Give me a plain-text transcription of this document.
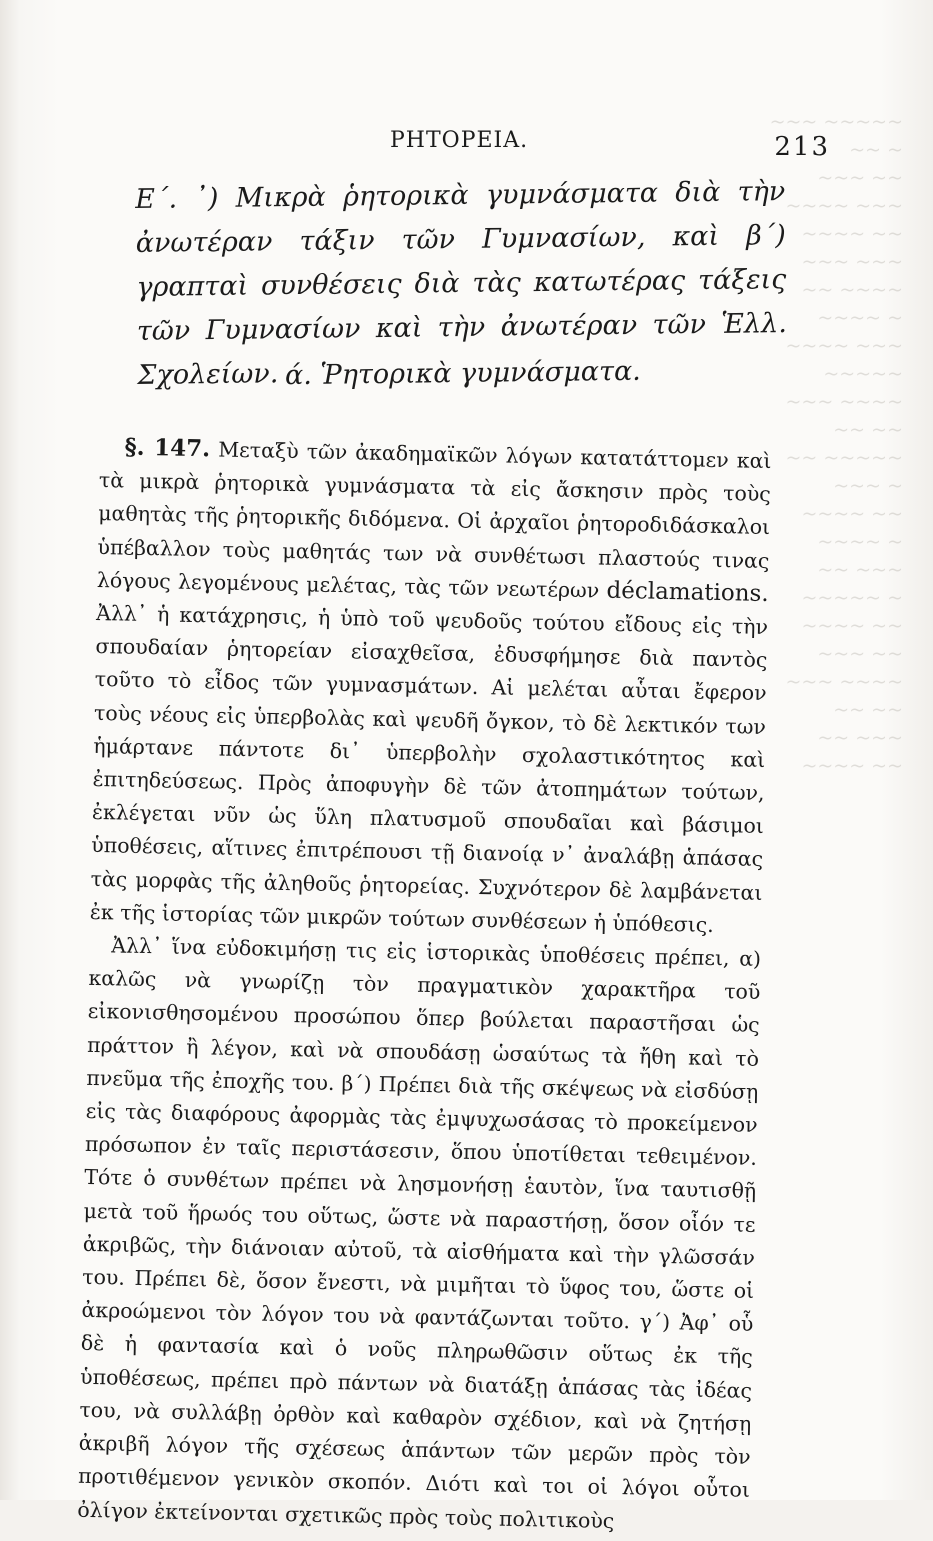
~~~ ~~~~~ ~~ ~
~~~ ~~ ~~~~ ~~~
~~~~ ~~ ~~~ ~~~
~~ ~~~~ ~~~~ ~
~~~~ ~~~ ~~~~~
~~~ ~~~~ ~~ ~~
~~ ~~~~~ ~~~ ~
~~~~ ~~ ~~~~ ~
~~ ~~~ ~~~~~ ~
~~~~ ~~ ~~~ ~~
~~~ ~~~~ ~~ ~~
~~ ~~~ ~~~~ ~~
ΡΗΤΟΡΕΙΑ.	213
Ε΄. ᾿) Μικρὰ ῥητορικὰ γυμνάσματα διὰ τὴν ἀνωτέραν τάξιν τῶν Γυμνασίων, καὶ β΄) γραπταὶ συνθέσεις διὰ τὰς κατωτέρας τάξεις τῶν Γυμνασίων καὶ τὴν ἀνωτέραν τῶν Ἑλλ. Σχολείων. ά. Ῥητορικὰ γυμνάσματα.

§. 147. Μεταξὺ τῶν ἀκαδημαϊκῶν λόγων κατατάττομεν καὶ τὰ μικρὰ ῥητορικὰ γυμνάσματα τὰ εἰς ἄσκησιν πρὸς τοὺς μαθητὰς τῆς ῥητορικῆς διδόμενα. Οἱ ἀρχαῖοι ῥητοροδιδάσκαλοι ὑπέβαλλον τοὺς μαθητάς των νὰ συνθέτωσι πλαστούς τινας λόγους λεγομένους μελέτας, τὰς τῶν νεωτέρων déclamations. Ἀλλ᾿ ἡ κατάχρησις, ἡ ὑπὸ τοῦ ψευδοῦς τούτου εἴδους εἰς τὴν σπουδαίαν ῥητορείαν εἰσαχθεῖσα, ἐδυσφήμησε διὰ παντὸς τοῦτο τὸ εἶδος τῶν γυμνασμάτων. Αἱ μελέται αὗται ἔφερον τοὺς νέους εἰς ὑπερβολὰς καὶ ψευδῆ ὄγκον, τὸ δὲ λεκτικόν των ἡμάρτανε πάντοτε δι᾿ ὑπερβολὴν σχολαστικότητος καὶ ἐπιτηδεύσεως. Πρὸς ἀποφυγὴν δὲ τῶν ἀτοπημάτων τούτων, ἐκλέγεται νῦν ὡς ὕλη πλατυσμοῦ σπουδαῖαι καὶ βάσιμοι ὑποθέσεις, αἵτινες ἐπιτρέπουσι τῇ διανοίᾳ ν᾿ ἀναλάβῃ ἁπάσας τὰς μορφὰς τῆς ἀληθοῦς ῥητορείας. Συχνότερον δὲ λαμβάνεται ἐκ τῆς ἱστορίας τῶν μικρῶν τούτων συνθέσεων ἡ ὑπόθεσις.

Ἀλλ᾿ ἵνα εὐδοκιμήσῃ τις εἰς ἱστορικὰς ὑποθέσεις πρέπει, α) καλῶς νὰ γνωρίζῃ τὸν πραγματικὸν χαρακτῆρα τοῦ εἰκονισθησομένου προσώπου ὅπερ βούλεται παραστῆσαι ὡς πράττον ἢ λέγον, καὶ νὰ σπουδάσῃ ὡσαύτως τὰ ἤθη καὶ τὸ πνεῦμα τῆς ἐποχῆς του. β΄) Πρέπει διὰ τῆς σκέψεως νὰ εἰσδύσῃ εἰς τὰς διαφόρους ἀφορμὰς τὰς ἐμψυχωσάσας τὸ προκείμενον πρόσωπον ἐν ταῖς περιστάσεσιν, ὅπου ὑποτίθεται τεθειμένον. Τότε ὁ συνθέτων πρέπει νὰ λησμονήσῃ ἑαυτὸν, ἵνα ταυτισθῇ μετὰ τοῦ ἥρωός του οὕτως, ὥστε νὰ παραστήσῃ, ὅσον οἷόν τε ἀκριβῶς, τὴν διάνοιαν αὐτοῦ, τὰ αἰσθήματα καὶ τὴν γλῶσσάν του. Πρέπει δὲ, ὅσον ἔνεστι, νὰ μιμῆται τὸ ὕφος του, ὥστε οἱ ἀκροώμενοι τὸν λόγον του νὰ φαντάζωνται τοῦτο. γ΄) Ἀφ᾿ οὗ δὲ ἡ φαντασία καὶ ὁ νοῦς πληρωθῶσιν οὕτως ἐκ τῆς ὑποθέσεως, πρέπει πρὸ πάντων νὰ διατάξῃ ἁπάσας τὰς ἰδέας του, νὰ συλλάβῃ ὀρθὸν καὶ καθαρὸν σχέδιον, καὶ νὰ ζητήσῃ ἀκριβῆ λόγον τῆς σχέσεως ἁπάντων τῶν μερῶν πρὸς τὸν προτιθέμενον γενικὸν σκοπόν. Διότι καὶ τοι οἱ λόγοι οὗτοι ὀλίγον ἐκτείνονται σχετικῶς πρὸς τοὺς πολιτικοὺς
